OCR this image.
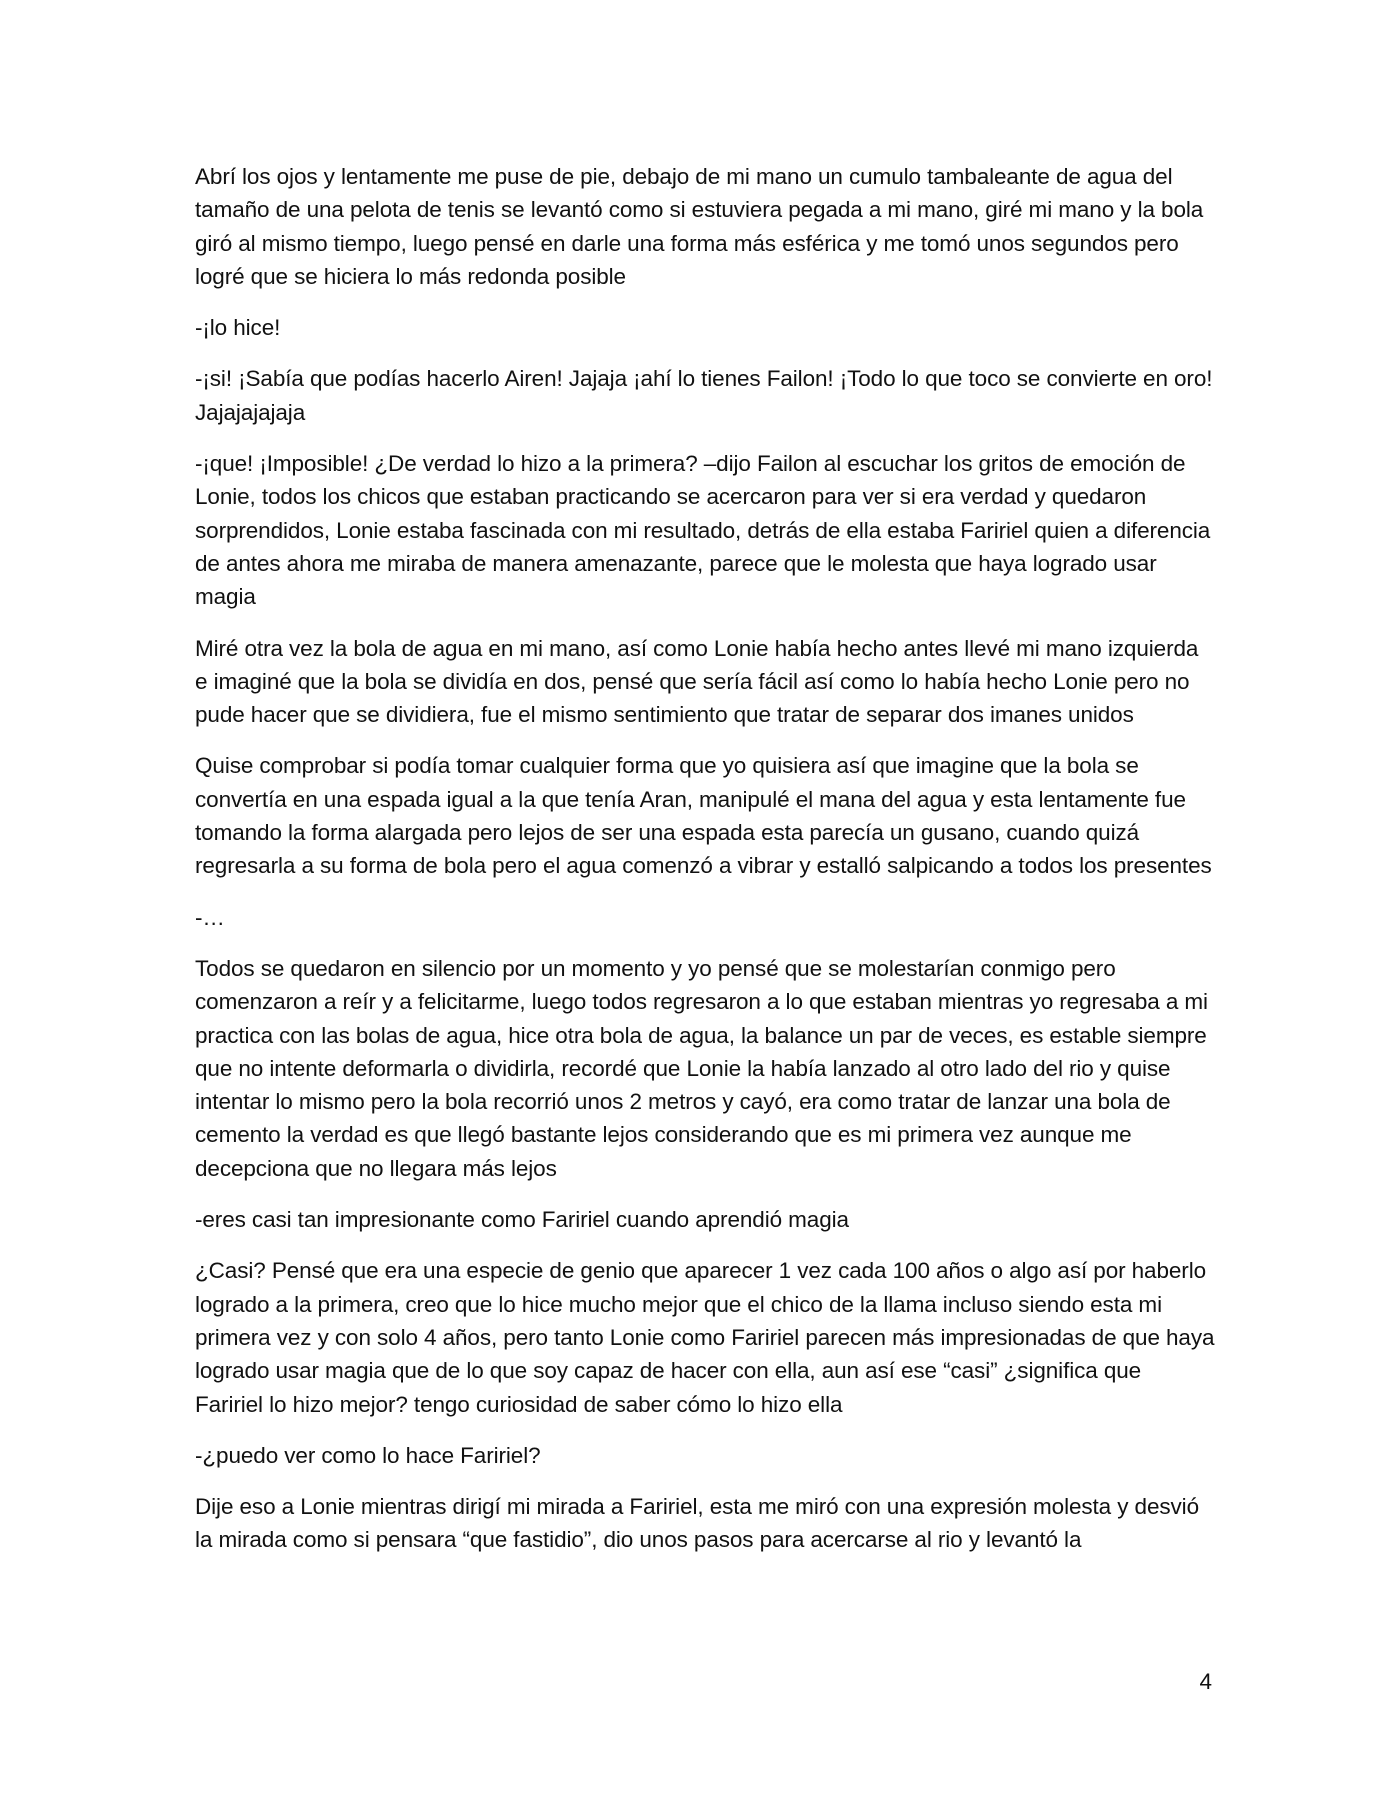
Abrí los ojos y lentamente me puse de pie, debajo de mi mano un cumulo tambaleante de agua del tamaño de una pelota de tenis se levantó como si estuviera pegada a mi mano, giré mi mano y la bola giró al mismo tiempo, luego pensé en darle una forma más esférica y me tomó unos segundos pero logré que se hiciera lo más redonda posible

-¡lo hice!

-¡si! ¡Sabía que podías hacerlo Airen! Jajaja ¡ahí lo tienes Failon! ¡Todo lo que toco se convierte en oro! Jajajajajaja

-¡que! ¡Imposible! ¿De verdad lo hizo a la primera? –dijo Failon al escuchar los gritos de emoción de Lonie, todos los chicos que estaban practicando se acercaron para ver si era verdad y quedaron sorprendidos, Lonie estaba fascinada con mi resultado, detrás de ella estaba Faririel quien a diferencia de antes ahora me miraba de manera amenazante, parece que le molesta que haya logrado usar magia

Miré otra vez la bola de agua en mi mano, así como Lonie había hecho antes llevé mi mano izquierda e imaginé que la bola se dividía en dos, pensé que sería fácil así como lo había hecho Lonie pero no pude hacer que se dividiera, fue el mismo sentimiento que tratar de separar dos imanes unidos

Quise comprobar si podía tomar cualquier forma que yo quisiera así que imagine que la bola se convertía en una espada igual a la que tenía Aran, manipulé el mana del agua y esta lentamente fue tomando la forma alargada pero lejos de ser una espada esta parecía un gusano, cuando quizá regresarla a su forma de bola pero el agua comenzó a vibrar y estalló salpicando a todos los presentes

-…

Todos se quedaron en silencio por un momento y yo pensé que se molestarían conmigo pero comenzaron a reír y a felicitarme, luego todos regresaron a lo que estaban mientras yo regresaba a mi practica con las bolas de agua, hice otra bola de agua, la balance un par de veces, es estable siempre que no intente deformarla o dividirla, recordé que Lonie la había lanzado al otro lado del rio y quise intentar lo mismo pero la bola recorrió unos 2 metros y cayó, era como tratar de lanzar una bola de cemento la verdad es que llegó bastante lejos considerando que es mi primera vez aunque me decepciona que no llegara más lejos

-eres casi tan impresionante como Faririel cuando aprendió magia

¿Casi? Pensé que era una especie de genio que aparecer 1 vez cada 100 años o algo así por haberlo logrado a la primera, creo que lo hice mucho mejor que el chico de la llama incluso siendo esta mi primera vez y con solo 4 años, pero tanto Lonie como Faririel parecen más impresionadas de que haya logrado usar magia que de lo que soy capaz de hacer con ella, aun así ese “casi” ¿significa que Faririel lo hizo mejor? tengo curiosidad de saber cómo lo hizo ella

-¿puedo ver como lo hace Faririel?

Dije eso a Lonie mientras dirigí mi mirada a Faririel, esta me miró con una expresión molesta y desvió la mirada como si pensara “que fastidio”, dio unos pasos para acercarse al rio y levantó la

4
